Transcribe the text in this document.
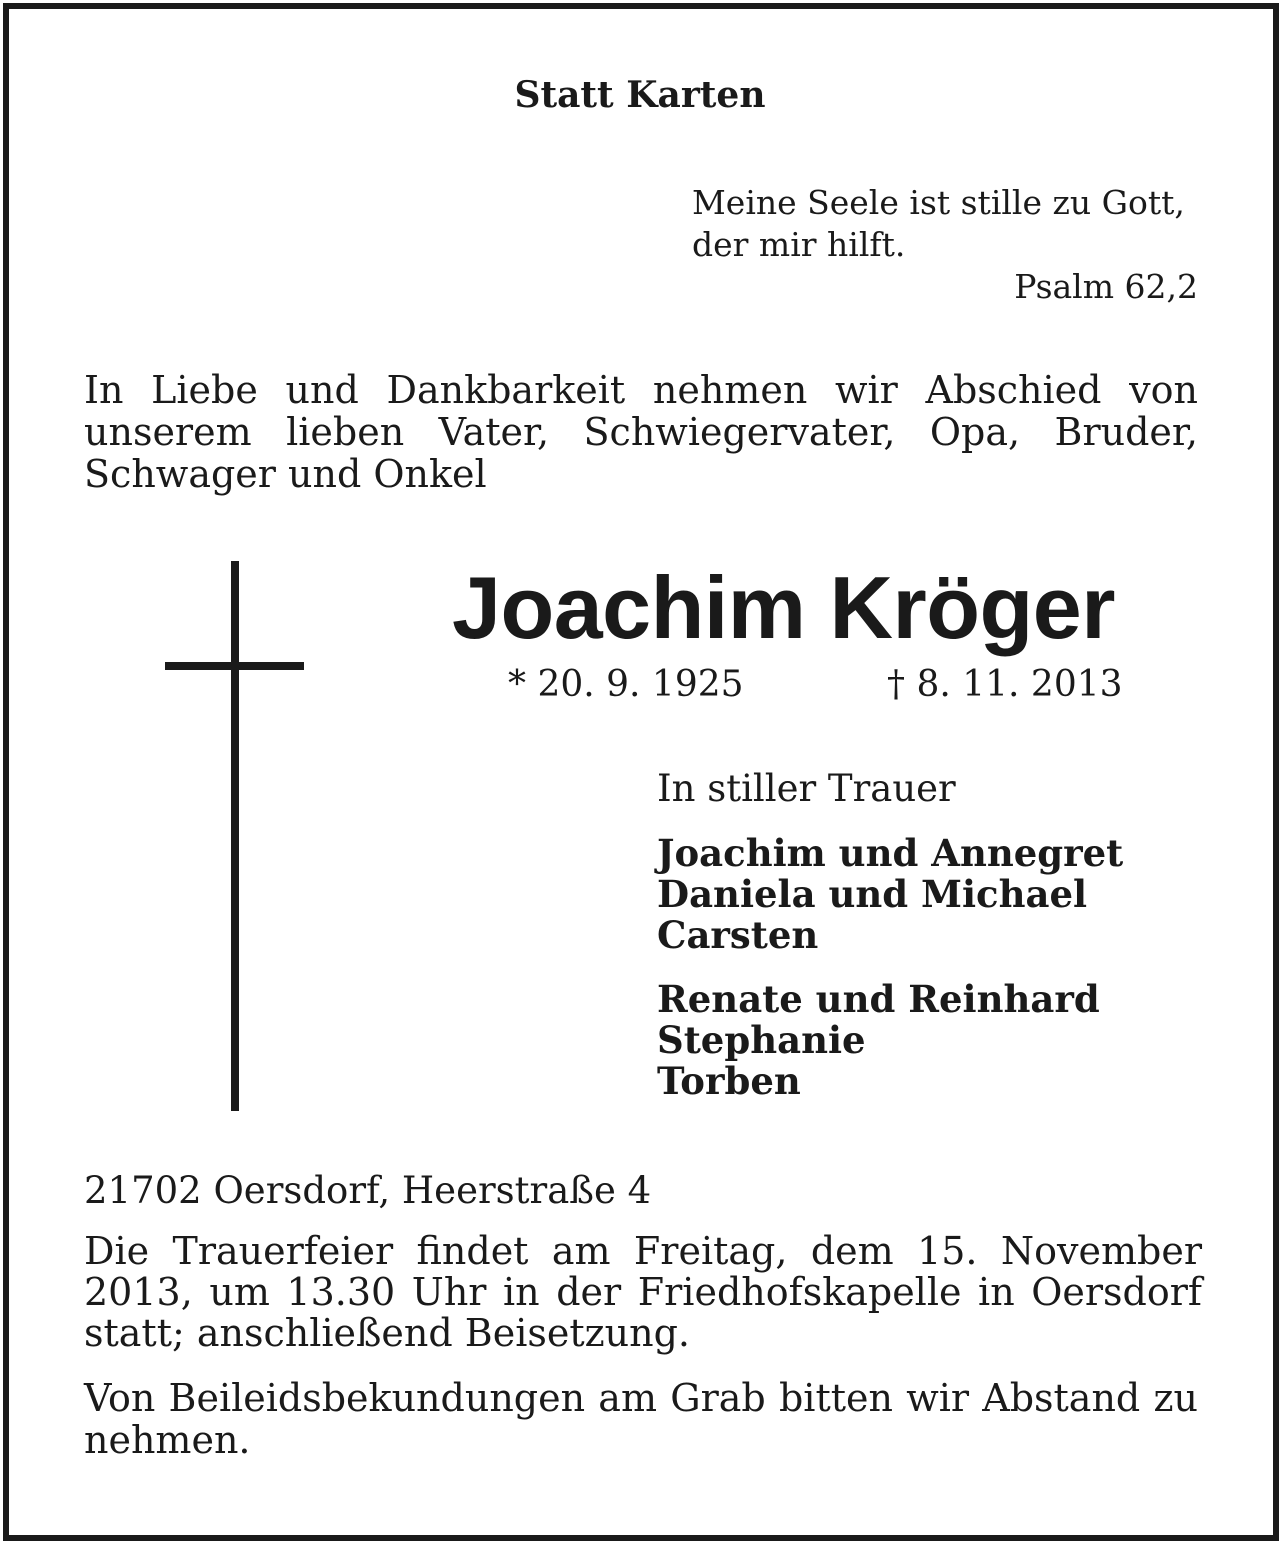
Statt Karten

Meine Seele ist stille zu Gott,
der mir hilft.

Psalm 62,2

In Liebe und Dankbarkeit nehmen wir Abschied von unserem lieben Vater, Schwiegervater, Opa, Bruder, Schwager und Onkel

Joachim Kröger

* 20. 9. 1925	† 8. 11. 2013

In stiller Trauer

Joachim und Annegret
Daniela und Michael
Carsten
Renate und Reinhard
Stephanie
Torben

21702 Oersdorf, Heerstraße 4

Die Trauerfeier findet am Freitag, dem 15. November 2013, um 13.30 Uhr in der Friedhofskapelle in Oersdorf statt; anschließend Beisetzung.

Von Beileidsbekundungen am Grab bitten wir Abstand zu nehmen.
